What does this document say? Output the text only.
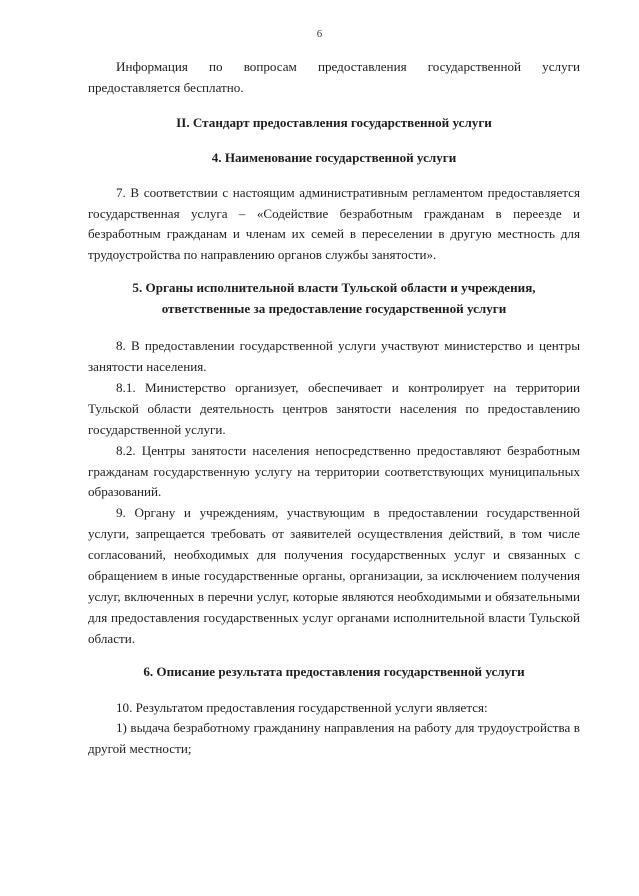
6

Информация по вопросам предоставления государственной услуги предоставляется бесплатно.

II. Стандарт предоставления государственной услуги

4. Наименование государственной услуги

7. В соответствии с настоящим административным регламентом предоставляется государственная услуга – «Содействие безработным гражданам в переезде и безработным гражданам и членам их семей в переселении в другую местность для трудоустройства по направлению органов службы занятости».

5. Органы исполнительной власти Тульской области и учреждения, ответственные за предоставление государственной услуги

8. В предоставлении государственной услуги участвуют министерство и центры занятости населения.

8.1. Министерство организует, обеспечивает и контролирует на территории Тульской области деятельность центров занятости населения по предоставлению государственной услуги.

8.2. Центры занятости населения непосредственно предоставляют безработным гражданам государственную услугу на территории соответствующих муниципальных образований.

9. Органу и учреждениям, участвующим в предоставлении государственной услуги, запрещается требовать от заявителей осуществления действий, в том числе согласований, необходимых для получения государственных услуг и связанных с обращением в иные государственные органы, организации, за исключением получения услуг, включенных в перечни услуг, которые являются необходимыми и обязательными для предоставления государственных услуг органами исполнительной власти Тульской области.

6. Описание результата предоставления государственной услуги

10. Результатом предоставления государственной услуги является:

1) выдача безработному гражданину направления на работу для трудоустройства в другой местности;
